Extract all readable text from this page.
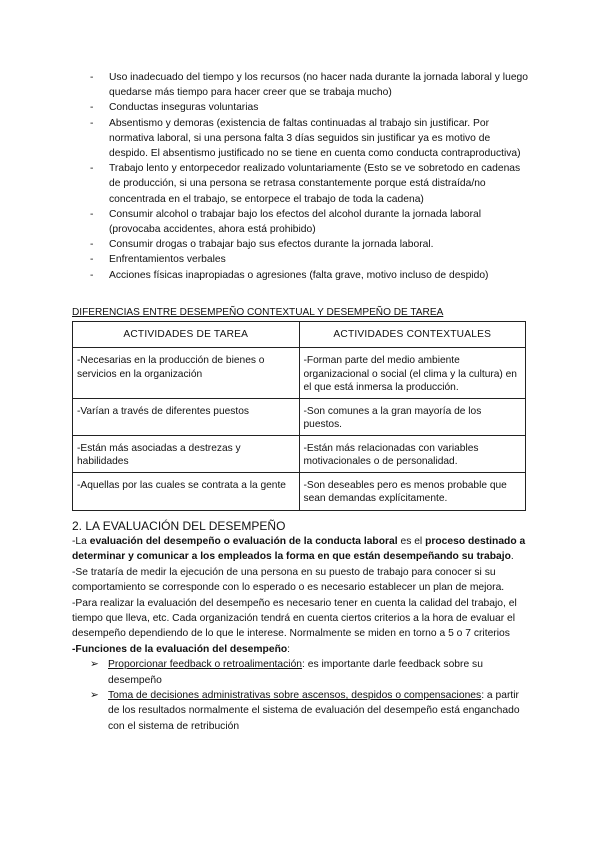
- Uso inadecuado del tiempo y los recursos (no hacer nada durante la jornada laboral y luego quedarse más tiempo para hacer creer que se trabaja mucho)
- Conductas inseguras voluntarias
- Absentismo y demoras (existencia de faltas continuadas al trabajo sin justificar. Por normativa laboral, si una persona falta 3 días seguidos sin justificar ya es motivo de despido. El absentismo justificado no se tiene en cuenta como conducta contraproductiva)
- Trabajo lento y entorpecedor realizado voluntariamente (Esto se ve sobretodo en cadenas de producción, si una persona se retrasa constantemente porque está distraída/no concentrada en el trabajo, se entorpece el trabajo de toda la cadena)
- Consumir alcohol o trabajar bajo los efectos del alcohol durante la jornada laboral (provocaba accidentes, ahora está prohibido)
- Consumir drogas o trabajar bajo sus efectos durante la jornada laboral.
- Enfrentamientos verbales
- Acciones físicas inapropiadas o agresiones (falta grave, motivo incluso de despido)
DIFERENCIAS ENTRE DESEMPEÑO CONTEXTUAL Y DESEMPEÑO DE TAREA
ACTIVIDADES DE TAREA	ACTIVIDADES CONTEXTUALES
-Necesarias en la producción de bienes o servicios en la organización	-Forman parte del medio ambiente organizacional o social (el clima y la cultura) en el que está inmersa la producción.
-Varían a través de diferentes puestos	-Son comunes a la gran mayoría de los puestos.
-Están más asociadas a destrezas y habilidades	-Están más relacionadas con variables motivacionales o de personalidad.
-Aquellas por las cuales se contrata a la gente	-Son deseables pero es menos probable que sean demandas explícitamente.
2. LA EVALUACIÓN DEL DESEMPEÑO

-La evaluación del desempeño o evaluación de la conducta laboral es el proceso destinado a determinar y comunicar a los empleados la forma en que están desempeñando su trabajo.

-Se trataría de medir la ejecución de una persona en su puesto de trabajo para conocer si su comportamiento se corresponde con lo esperado o es necesario establecer un plan de mejora.

-Para realizar la evaluación del desempeño es necesario tener en cuenta la calidad del trabajo, el tiempo que lleva, etc. Cada organización tendrá en cuenta ciertos criterios a la hora de evaluar el desempeño dependiendo de lo que le interese. Normalmente se miden en torno a 5 o 7 criterios

-Funciones de la evaluación del desempeño:

➢ Proporcionar feedback o retroalimentación: es importante darle feedback sobre su desempeño
➢ Toma de decisiones administrativas sobre ascensos, despidos o compensaciones: a partir de los resultados normalmente el sistema de evaluación del desempeño está enganchado con el sistema de retribución
